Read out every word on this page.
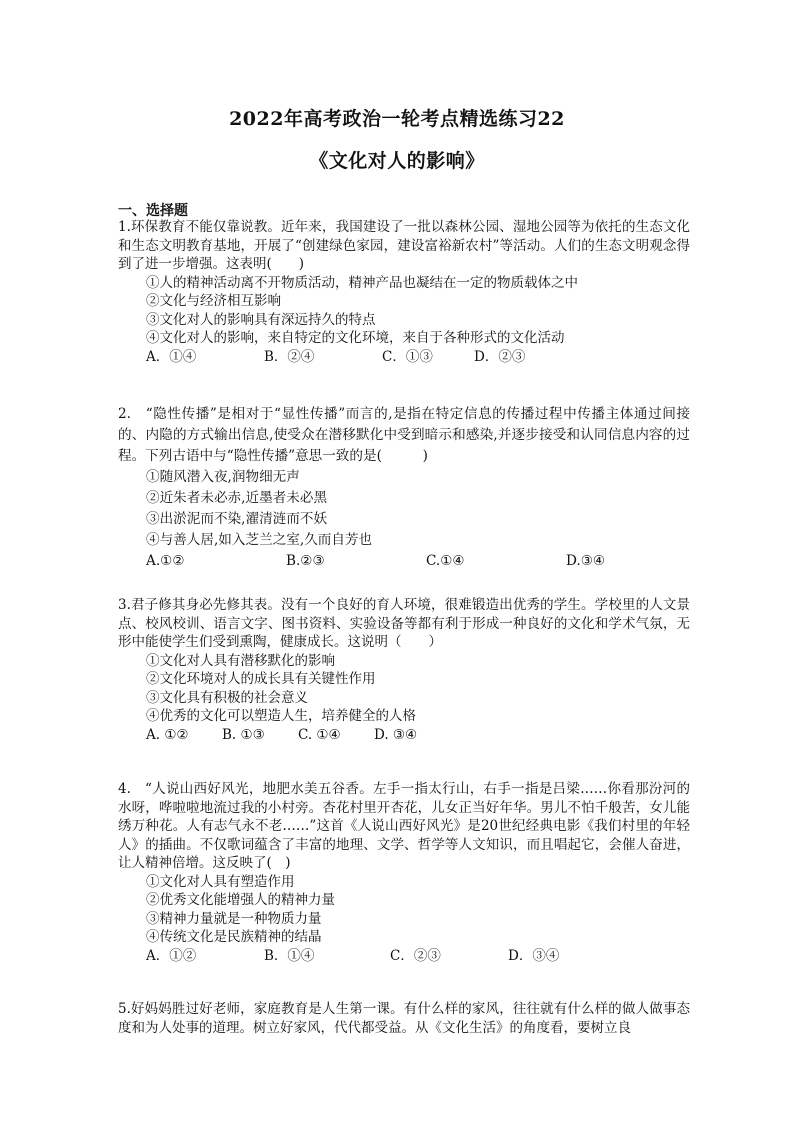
2022年高考政治一轮考点精选练习22
《文化对人的影响》
一、选择题

1.环保教育不能仅靠说教。近年来，我国建设了一批以森林公园、湿地公园等为依托的生态文化和生态文明教育基地，开展了“创建绿色家园，建设富裕新农村”等活动。人们的生态文明观念得到了进一步增强。这表明(　　)

①人的精神活动离不开物质活动，精神产品也凝结在一定的物质载体之中

②文化与经济相互影响

③文化对人的影响具有深远持久的特点

④文化对人的影响，来自特定的文化环境，来自于各种形式的文化活动

A．①④	B．②④	C．①③	D．②③

2.　“隐性传播”是相对于“显性传播”而言的,是指在特定信息的传播过程中传播主体通过间接的、内隐的方式输出信息,使受众在潜移默化中受到暗示和感染,并逐步接受和认同信息内容的过程。下列古语中与“隐性传播”意思一致的是(　　　)

①随风潜入夜,润物细无声

②近朱者未必赤,近墨者未必黑

③出淤泥而不染,濯清涟而不妖

④与善人居,如入芝兰之室,久而自芳也

A.①②	B.②③	C.①④	D.③④

3.君子修其身必先修其表。没有一个良好的育人环境，很难锻造出优秀的学生。学校里的人文景点、校风校训、语言文字、图书资料、实验设备等都有利于形成一种良好的文化和学术气氛，无形中能使学生们受到熏陶，健康成长。这说明（　　）

①文化对人具有潜移默化的影响

②文化环境对人的成长具有关键性作用

③文化具有积极的社会意义

④优秀的文化可以塑造人生，培养健全的人格

A. ①②	B. ①③	C. ①④	D. ③④

4.　“人说山西好风光，地肥水美五谷香。左手一指太行山，右手一指是吕梁……你看那汾河的水呀，哗啦啦地流过我的小村旁。杏花村里开杏花，儿女正当好年华。男儿不怕千般苦，女儿能绣万种花。人有志气永不老……”这首《人说山西好风光》是20世纪经典电影《我们村里的年轻人》的插曲。不仅歌词蕴含了丰富的地理、文学、哲学等人文知识，而且唱起它，会催人奋进，让人精神倍增。这反映了(　)

①文化对人具有塑造作用

②优秀文化能增强人的精神力量

③精神力量就是一种物质力量

④传统文化是民族精神的结晶

A．①②	B．①④	C．②③	D．③④

5.好妈妈胜过好老师，家庭教育是人生第一课。有什么样的家风，往往就有什么样的做人做事态度和为人处事的道理。树立好家风，代代都受益。从《文化生活》的角度看，要树立良
